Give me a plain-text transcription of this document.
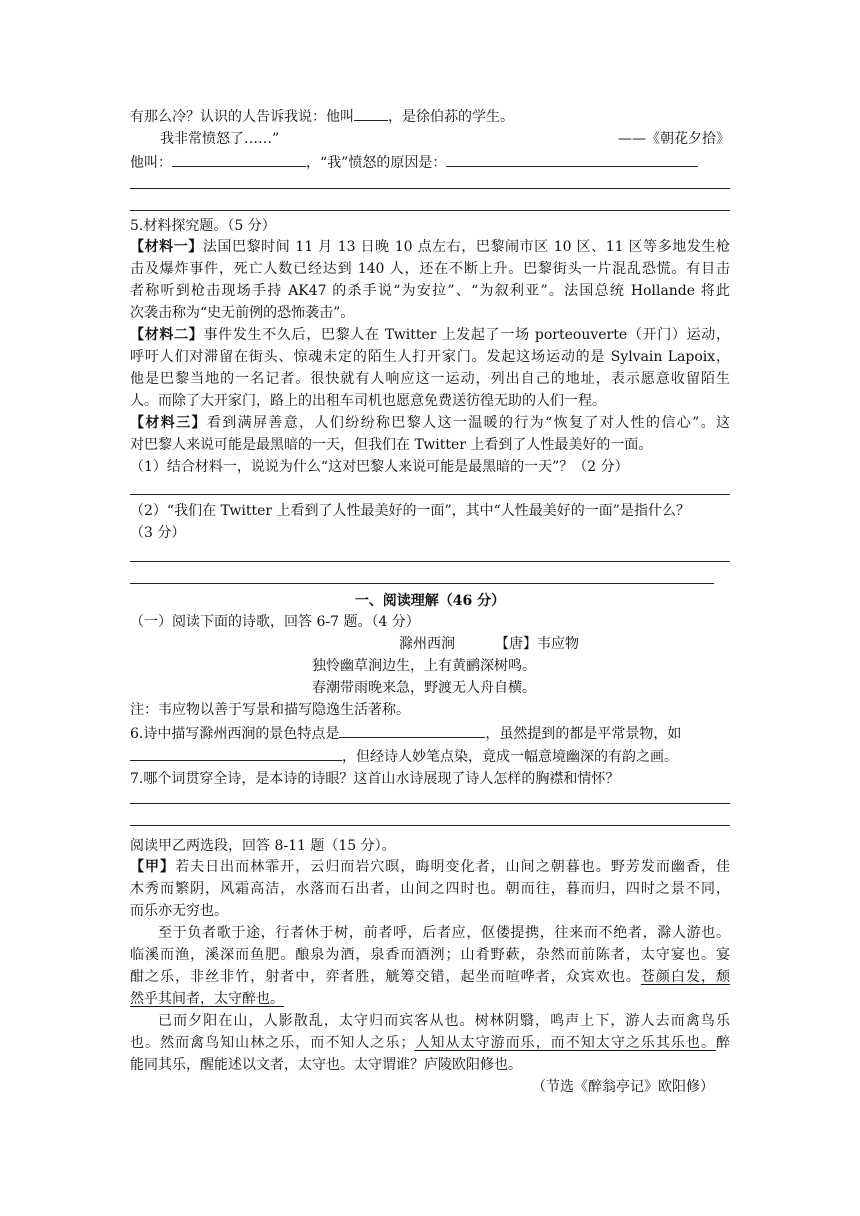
有那么冷？认识的人告诉我说：他叫 ，是徐伯荪的学生。
我非常愤怒了……”	——《朝花夕拾》
他叫：	，“我”愤怒的原因是：
5.材料探究题。（5 分）
【材料一】法国巴黎时间 11 月 13 日晚 10 点左右，巴黎闹市区 10 区、11 区等多地发生枪
击及爆炸事件，死亡人数已经达到 140 人，还在不断上升。巴黎街头一片混乱恐慌。有目击
者称听到枪击现场手持 AK47 的杀手说“为安拉”、“为叙利亚”。法国总统 Hollande 将此
次袭击称为“史无前例的恐怖袭击”。
【材料二】事件发生不久后，巴黎人在 Twitter 上发起了一场 porteouverte（开门）运动，
呼吁人们对滞留在街头、惊魂未定的陌生人打开家门。发起这场运动的是 Sylvain Lapoix，
他是巴黎当地的一名记者。很快就有人响应这一运动，列出自己的地址，表示愿意收留陌生
人。而除了大开家门，路上的出租车司机也愿意免费送彷徨无助的人们一程。
【材料三】看到满屏善意，人们纷纷称巴黎人这一温暖的行为“恢复了对人性的信心”。这
对巴黎人来说可能是最黑暗的一天，但我们在 Twitter 上看到了人性最美好的一面。
（1）结合材料一，说说为什么“这对巴黎人来说可能是最黑暗的一天”？（2 分）
（2）“我们在 Twitter 上看到了人性最美好的一面”，其中“人性最美好的一面”是指什么？
（3 分）
一、阅读理解（46 分）
（一）阅读下面的诗歌，回答 6-7 题。（4 分）
滁州西涧	【唐】韦应物
独怜幽草涧边生，上有黄鹂深树鸣。
春潮带雨晚来急，野渡无人舟自横。
注：韦应物以善于写景和描写隐逸生活著称。
6.诗中描写滁州西涧的景色特点是	，虽然提到的都是平常景物，如
，但经诗人妙笔点染，竟成一幅意境幽深的有韵之画。
7.哪个词贯穿全诗，是本诗的诗眼？这首山水诗展现了诗人怎样的胸襟和情怀？
阅读甲乙两选段，回答 8-11 题（15 分）。
【甲】若夫日出而林霏开，云归而岩穴暝，晦明变化者，山间之朝暮也。野芳发而幽香，佳
木秀而繁阴，风霜高洁，水落而石出者，山间之四时也。朝而往，暮而归，四时之景不同，
而乐亦无穷也。
至于负者歌于途，行者休于树，前者呼，后者应，伛偻提携，往来而不绝者，滁人游也。
临溪而渔，溪深而鱼肥。酿泉为酒，泉香而酒洌；山肴野蔌，杂然而前陈者，太守宴也。宴
酣之乐，非丝非竹，射者中，弈者胜，觥筹交错，起坐而喧哗者，众宾欢也。苍颜白发，颓
然乎其间者，太守醉也。
已而夕阳在山，人影散乱，太守归而宾客从也。树林阴翳，鸣声上下，游人去而禽鸟乐
也。然而禽鸟知山林之乐，而不知人之乐；人知从太守游而乐，而不知太守之乐其乐也。醉
能同其乐，醒能述以文者，太守也。太守谓谁？庐陵欧阳修也。
（节选《醉翁亭记》欧阳修）
